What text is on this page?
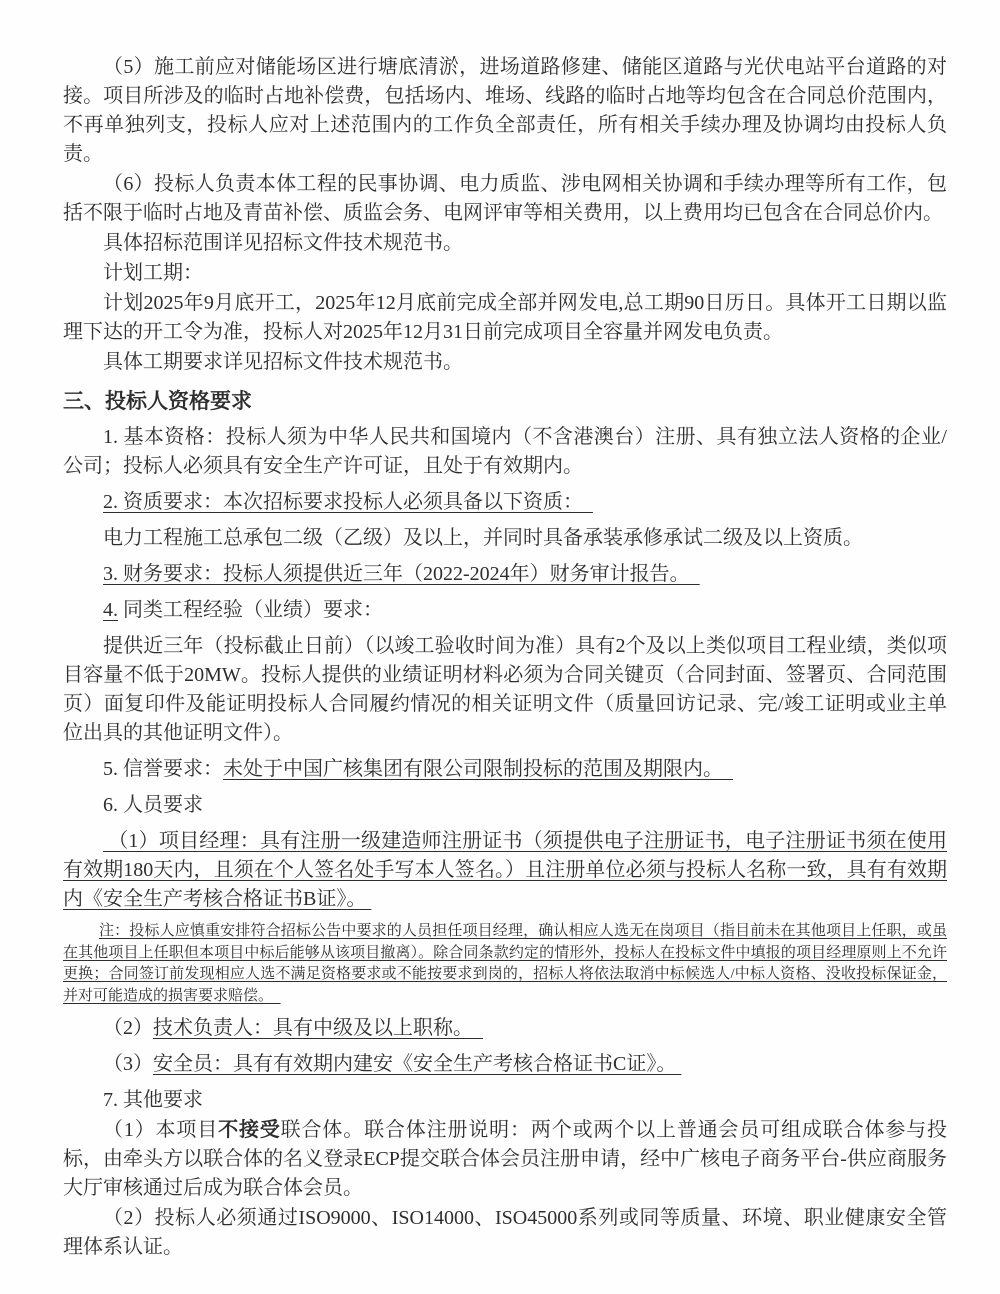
（5）施工前应对储能场区进行塘底清淤，进场道路修建、储能区道路与光伏电站平台道路的对接。项目所涉及的临时占地补偿费，包括场内、堆场、线路的临时占地等均包含在合同总价范围内，不再单独列支，投标人应对上述范围内的工作负全部责任，所有相关手续办理及协调均由投标人负责。

（6）投标人负责本体工程的民事协调、电力质监、涉电网相关协调和手续办理等所有工作，包括不限于临时占地及青苗补偿、质监会务、电网评审等相关费用，以上费用均已包含在合同总价内。

具体招标范围详见招标文件技术规范书。

计划工期：

计划2025年9月底开工，2025年12月底前完成全部并网发电,总工期90日历日。具体开工日期以监理下达的开工令为准，投标人对2025年12月31日前完成项目全容量并网发电负责。

具体工期要求详见招标文件技术规范书。

三、投标人资格要求

1. 基本资格：投标人须为中华人民共和国境内（不含港澳台）注册、具有独立法人资格的企业/公司；投标人必须具有安全生产许可证，且处于有效期内。

2. 资质要求：本次招标要求投标人必须具备以下资质：

电力工程施工总承包二级（乙级）及以上，并同时具备承装承修承试二级及以上资质。

3. 财务要求：投标人须提供近三年（2022-2024年）财务审计报告。

4. 同类工程经验（业绩）要求：

提供近三年（投标截止日前）（以竣工验收时间为准）具有2个及以上类似项目工程业绩，类似项目容量不低于20MW。投标人提供的业绩证明材料必须为合同关键页（合同封面、签署页、合同范围页）面复印件及能证明投标人合同履约情况的相关证明文件（质量回访记录、完/竣工证明或业主单位出具的其他证明文件）。

5. 信誉要求：未处于中国广核集团有限公司限制投标的范围及期限内。

6. 人员要求

（1）项目经理：具有注册一级建造师注册证书（须提供电子注册证书，电子注册证书须在使用有效期180天内，且须在个人签名处手写本人签名。）且注册单位必须与投标人名称一致，具有有效期内《安全生产考核合格证书B证》。

注：投标人应慎重安排符合招标公告中要求的人员担任项目经理，确认相应人选无在岗项目（指目前未在其他项目上任职，或虽在其他项目上任职但本项目中标后能够从该项目撤离）。除合同条款约定的情形外，投标人在投标文件中填报的项目经理原则上不允许更换；合同签订前发现相应人选不满足资格要求或不能按要求到岗的，招标人将依法取消中标候选人/中标人资格、没收投标保证金，并对可能造成的损害要求赔偿。

（2）技术负责人：具有中级及以上职称。

（3）安全员：具有有效期内建安《安全生产考核合格证书C证》。

7. 其他要求

（1）本项目不接受联合体。联合体注册说明：两个或两个以上普通会员可组成联合体参与投标，由牵头方以联合体的名义登录ECP提交联合体会员注册申请，经中广核电子商务平台-供应商服务大厅审核通过后成为联合体会员。

（2）投标人必须通过ISO9000、ISO14000、ISO45000系列或同等质量、环境、职业健康安全管理体系认证。
